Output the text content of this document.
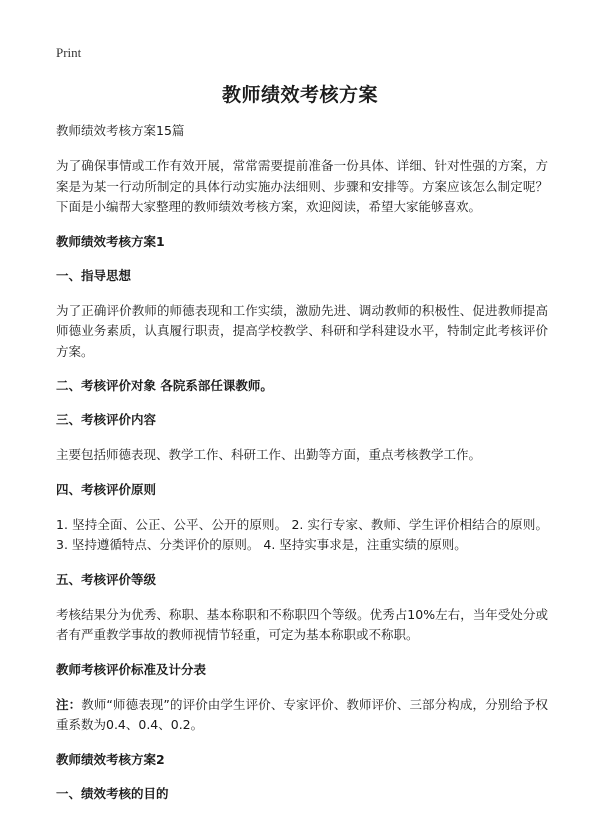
Print
教师绩效考核方案

教师绩效考核方案15篇

为了确保事情或工作有效开展，常常需要提前准备一份具体、详细、针对性强的方案，方案是为某一行动所制定的具体行动实施办法细则、步骤和安排等。方案应该怎么制定呢？下面是小编帮大家整理的教师绩效考核方案，欢迎阅读，希望大家能够喜欢。

教师绩效考核方案1

一、指导思想

为了正确评价教师的师德表现和工作实绩，激励先进、调动教师的积极性、促进教师提高师德业务素质，认真履行职责，提高学校教学、科研和学科建设水平，特制定此考核评价方案。

二、考核评价对象 各院系部任课教师。

三、考核评价内容

主要包括师德表现、教学工作、科研工作、出勤等方面，重点考核教学工作。

四、考核评价原则

1. 坚持全面、公正、公平、公开的原则。 2. 实行专家、教师、学生评价相结合的原则。 3. 坚持遵循特点、分类评价的原则。 4. 坚持实事求是，注重实绩的原则。

五、考核评价等级

考核结果分为优秀、称职、基本称职和不称职四个等级。优秀占10%左右，当年受处分或者有严重教学事故的教师视情节轻重，可定为基本称职或不称职。

教师考核评价标准及计分表

注：教师“师德表现”的评价由学生评价、专家评价、教师评价、三部分构成，分别给予权重系数为0.4、0.4、0.2。

教师绩效考核方案2

一、绩效考核的目的
